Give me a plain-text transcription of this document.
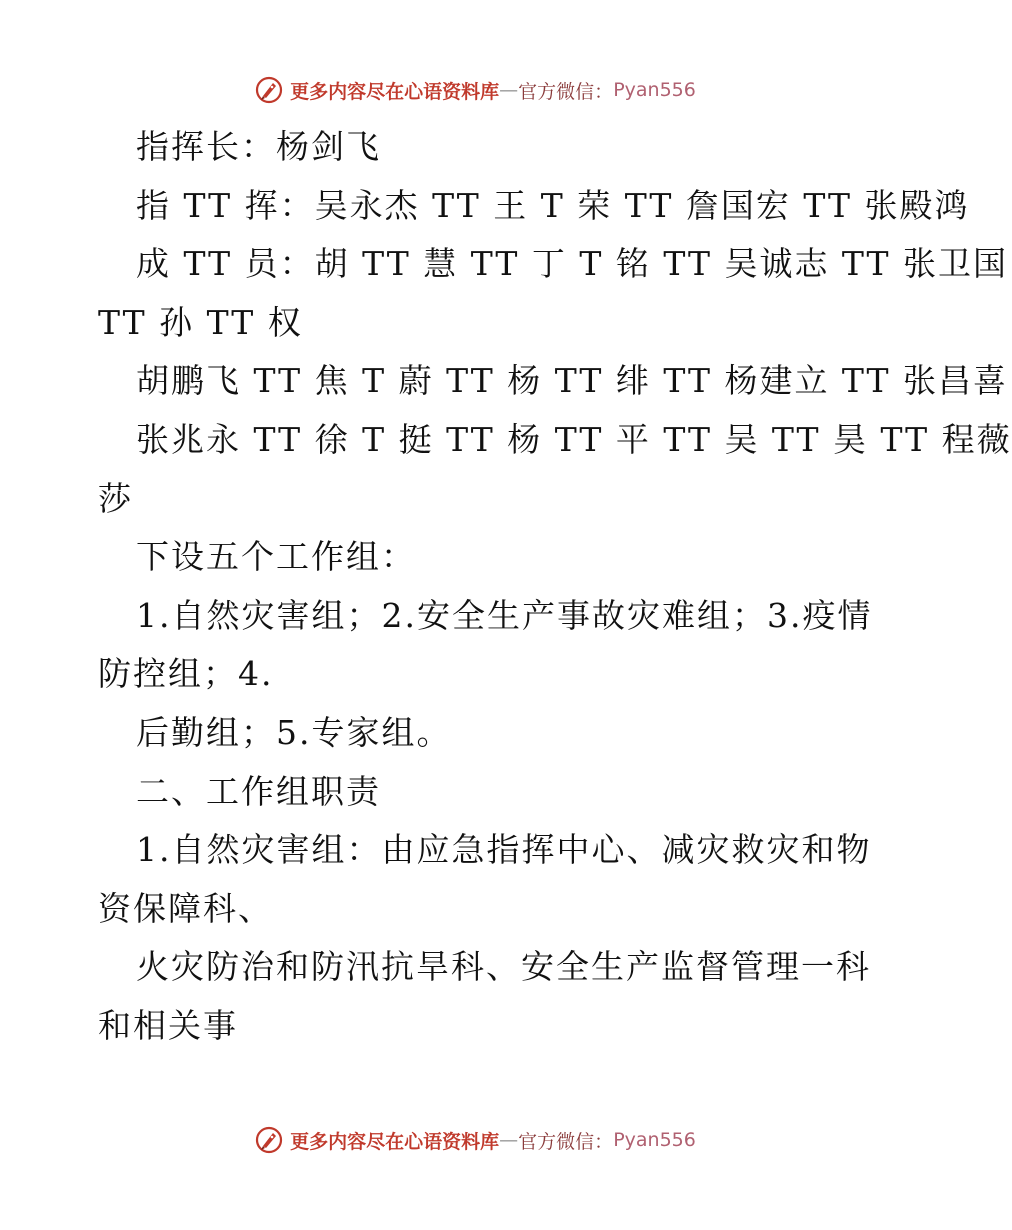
更多内容尽在心语资料库 — 官方微信： Pyan556
指挥长：杨剑飞
指 TT 挥：吴永杰 TT 王 T 荣 TT 詹国宏 TT 张殿鸿
成 TT 员：胡 TT 慧 TT 丁 T 铭 TT 吴诚志 TT 张卫国
TT 孙 TT 权
胡鹏飞 TT 焦 T 蔚 TT 杨 TT 绯 TT 杨建立 TT 张昌喜
张兆永 TT 徐 T 挺 TT 杨 TT 平 TT 吴 TT 昊 TT 程薇
莎
下设五个工作组：
1.自然灾害组；2.安全生产事故灾难组；3.疫情
防控组；4.
后勤组；5.专家组。
二、工作组职责
1.自然灾害组：由应急指挥中心、减灾救灾和物
资保障科、
火灾防治和防汛抗旱科、安全生产监督管理一科
和相关事
更多内容尽在心语资料库 — 官方微信： Pyan556
